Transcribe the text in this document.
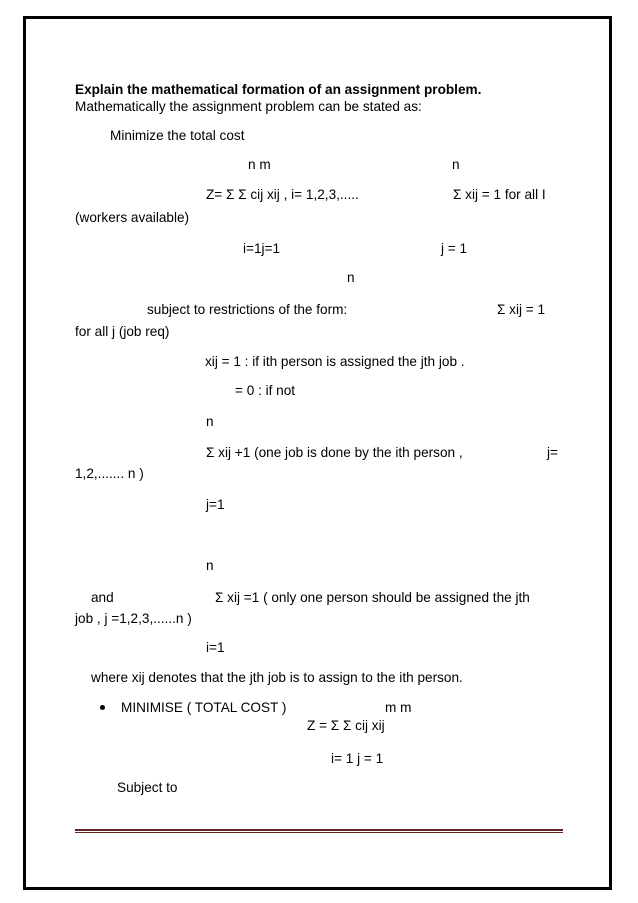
Explain the mathematical formation of an assignment problem.
Mathematically the assignment problem can be stated as:
Minimize the total cost
n m	n
Z= Σ Σ cij xij , i= 1,2,3,.....	Σ xij = 1 for all I
(workers available)
i=1j=1	j = 1
n
subject to restrictions of the form:	Σ xij = 1
for all j (job req)
xij = 1 : if ith person is assigned the jth job .
= 0 : if not
n
Σ xij +1 (one job is done by the ith person ,	j=
1,2,....... n )
j=1
n
and	Σ xij =1 ( only one person should be assigned the jth
job , j =1,2,3,......n )
i=1
where xij denotes that the jth job is to assign to the ith person.
MINIMISE ( TOTAL COST )	m m
Z = Σ Σ cij xij
i= 1 j = 1
Subject to
